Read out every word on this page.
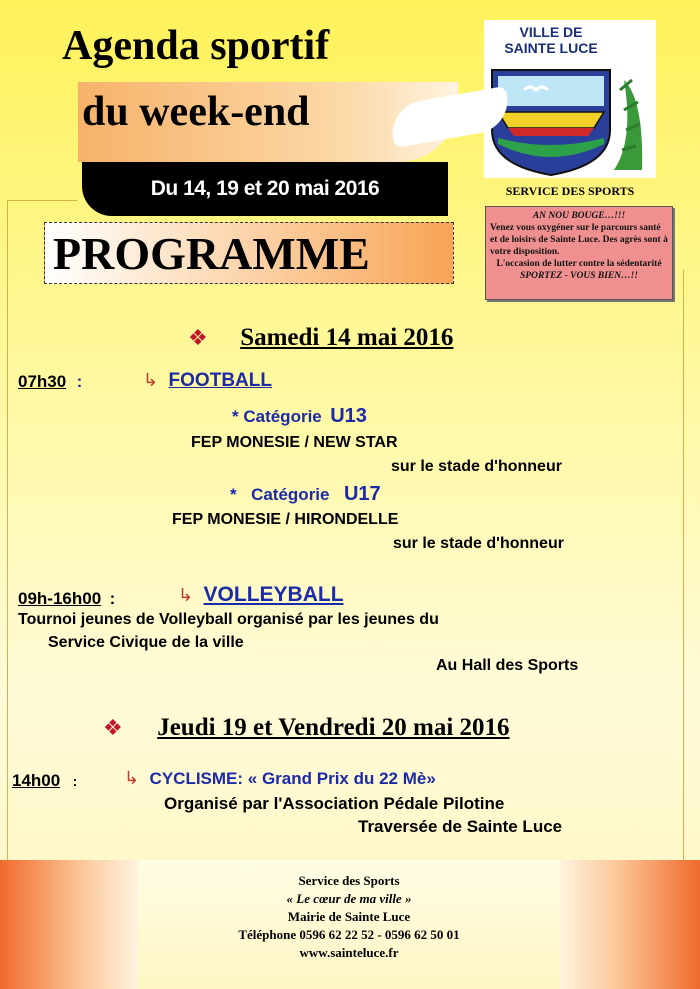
Agenda sportif
du week-end
Du 14, 19 et 20 mai 2016
PROGRAMME
VILLE DE
SAINTE LUCE
SERVICE DES SPORTS
AN NOU BOUGE…!!!
Venez vous oxygéner sur le parcours santé et de loisirs de Sainte Luce. Des agrès sont à votre disposition.
L'occasion de lutter contre la sédentarité
SPORTEZ - VOUS BIEN…!!
❖ Samedi 14 mai 2016
07h30 :	↳ FOOTBALL
* Catégorie U13
FEP MONESIE / NEW STAR
sur le stade d'honneur
* Catégorie U17
FEP MONESIE / HIRONDELLE
sur le stade d'honneur
09h-16h00 :	↳ VOLLEYBALL
Tournoi jeunes de Volleyball organisé par les jeunes du
Service Civique de la ville
Au Hall des Sports
❖ Jeudi 19 et Vendredi 20 mai 2016
14h00 :	↳ CYCLISME: « Grand Prix du 22 Mè»
Organisé par l'Association Pédale Pilotine
Traversée de Sainte Luce
Service des Sports
« Le cœur de ma ville »
Mairie de Sainte Luce
Téléphone 0596 62 22 52 - 0596 62 50 01
www.sainteluce.fr
